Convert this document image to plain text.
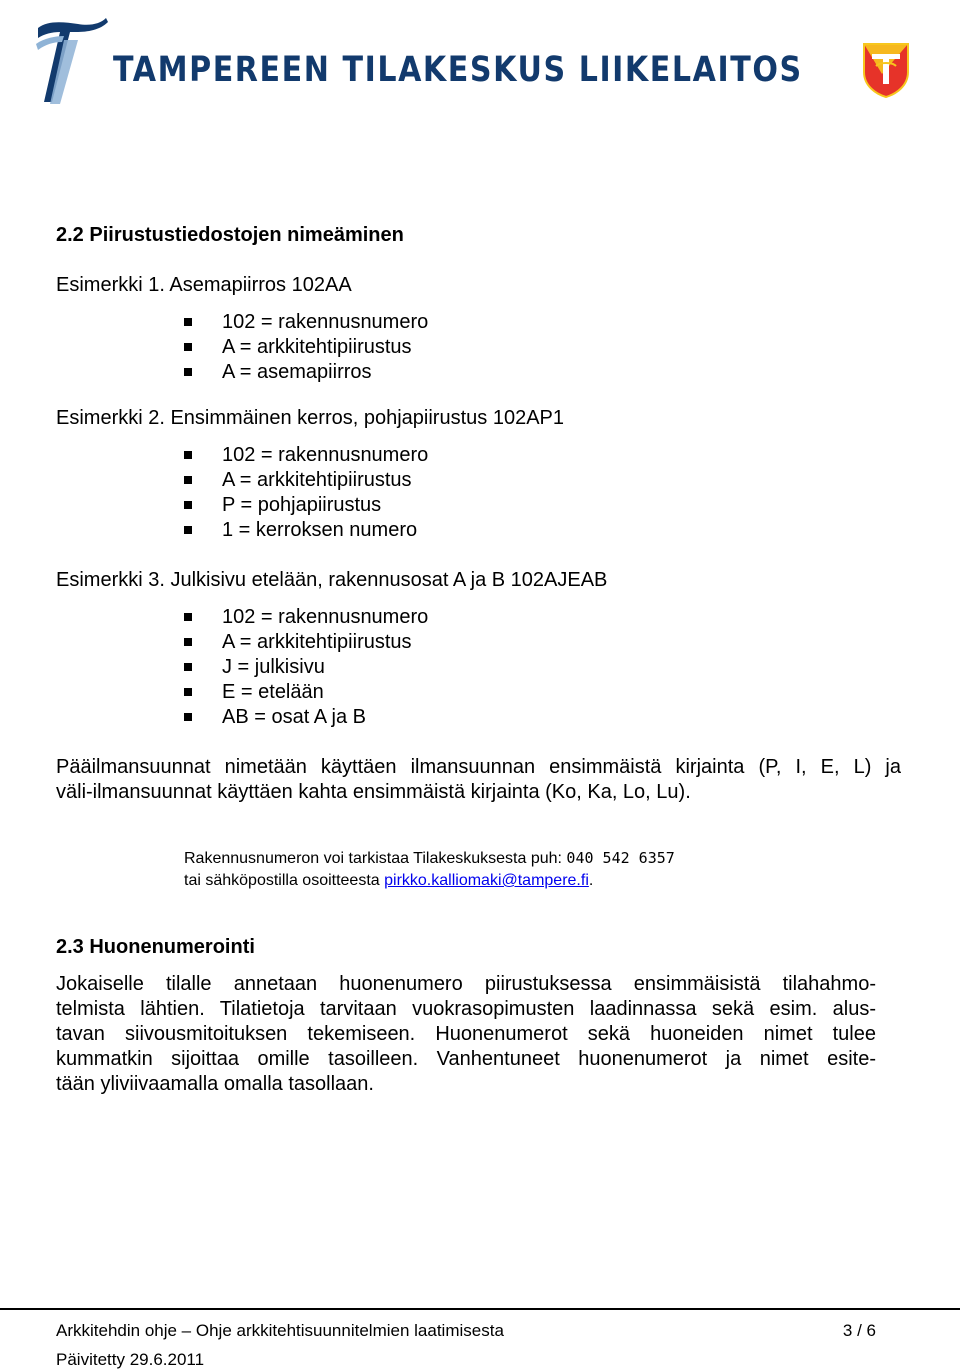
TAMPEREEN TILAKESKUS LIIKELAITOS
2.2 Piirustustiedostojen nimeäminen
Esimerkki 1. Asemapiirros 102AA
102 = rakennusnumero
A = arkkitehtipiirustus
A = asemapiirros
Esimerkki 2. Ensimmäinen kerros, pohjapiirustus 102AP1
102 = rakennusnumero
A = arkkitehtipiirustus
P = pohjapiirustus
1 = kerroksen numero
Esimerkki 3. Julkisivu etelään, rakennusosat A ja B 102AJEAB
102 = rakennusnumero
A = arkkitehtipiirustus
J = julkisivu
E = etelään
AB = osat A ja B
Pääilmansuunnat nimetään käyttäen ilmansuunnan ensimmäistä kirjainta (P, I, E, L) ja
väli-ilmansuunnat käyttäen kahta ensimmäistä kirjainta (Ko, Ka, Lo, Lu).
Rakennusnumeron voi tarkistaa Tilakeskuksesta puh: 040 542 6357
tai sähköpostilla osoitteesta pirkko.kalliomaki@tampere.fi.
2.3 Huonenumerointi
Jokaiselle tilalle annetaan huonenumero piirustuksessa ensimmäisistä tilahahmo-
telmista lähtien. Tilatietoja tarvitaan vuokrasopimusten laadinnassa sekä esim. alus-
tavan siivousmitoituksen tekemiseen. Huonenumerot sekä huoneiden nimet tulee
kummatkin sijoittaa omille tasoilleen. Vanhentuneet huonenumerot ja nimet esite-
tään yliviivaamalla omalla tasollaan.
Arkkitehdin ohje – Ohje arkkitehtisuunnitelmien laatimisesta	3 / 6
Päivitetty 29.6.2011
